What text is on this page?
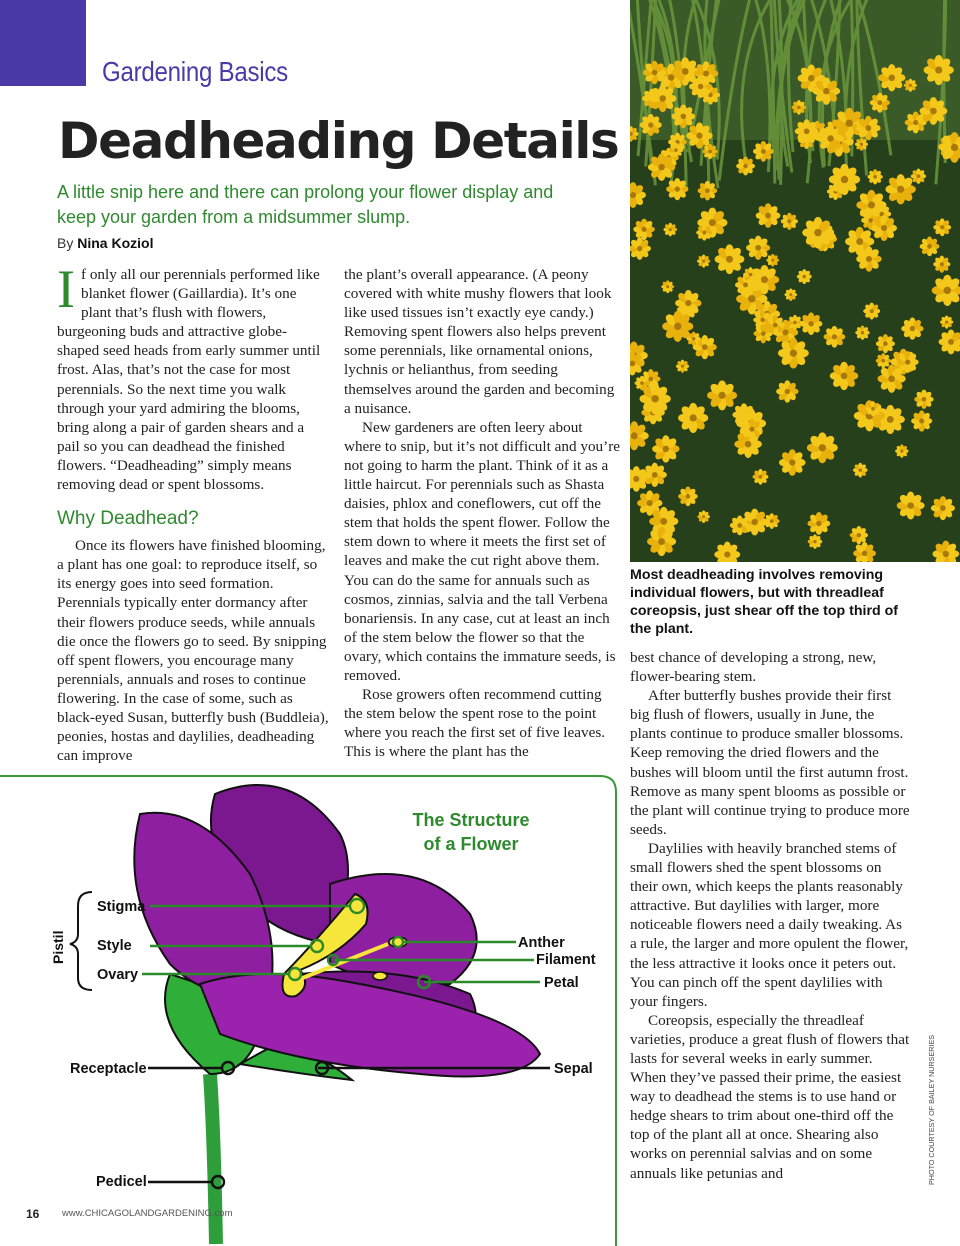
Gardening Basics
Deadheading Details
A little snip here and there can prolong your flower display and keep your garden from a midsummer slump.
By Nina Koziol

If only all our perennials performed like blanket flower (Gaillardia). It’s one plant that’s flush with flowers, burgeoning buds and attractive globe-shaped seed heads from early summer until frost. Alas, that’s not the case for most perennials. So the next time you walk through your yard admiring the blooms, bring along a pair of garden shears and a pail so you can deadhead the finished flowers. “Deadheading” simply means removing dead or spent blossoms.

Why Deadhead?

Once its flowers have finished blooming, a plant has one goal: to reproduce itself, so its energy goes into seed formation. Perennials typically enter dormancy after their flowers produce seeds, while annuals die once the flowers go to seed. By snipping off spent flowers, you encourage many perennials, annuals and roses to continue flowering. In the case of some, such as black-eyed Susan, butterfly bush (Buddleia), peonies, hostas and daylilies, deadheading can improve

the plant’s overall appearance. (A peony covered with white mushy flowers that look like used tissues isn’t exactly eye candy.) Removing spent flowers also helps prevent some perennials, like ornamental onions, lychnis or helianthus, from seeding themselves around the garden and becoming a nuisance.

New gardeners are often leery about where to snip, but it’s not difficult and you’re not going to harm the plant. Think of it as a little haircut. For perennials such as Shasta daisies, phlox and coneflowers, cut off the stem that holds the spent flower. Follow the stem down to where it meets the first set of leaves and make the cut right above them. You can do the same for annuals such as cosmos, zinnias, salvia and the tall Verbena bonariensis. In any case, cut at least an inch of the stem below the flower so that the ovary, which contains the immature seeds, is removed.

Rose growers often recommend cutting the stem below the spent rose to the point where you reach the first set of five leaves. This is where the plant has the

Most deadheading involves removing individual flowers, but with threadleaf coreopsis, just shear off the top third of the plant.
PHOTO COURTESY OF BAILEY NURSERIES

best chance of developing a strong, new, flower-bearing stem.

After butterfly bushes provide their first big flush of flowers, usually in June, the plants continue to produce smaller blossoms. Keep removing the dried flowers and the bushes will bloom until the first autumn frost. Remove as many spent blooms as possible or the plant will continue trying to produce more seeds.

Daylilies with heavily branched stems of small flowers shed the spent blossoms on their own, which keeps the plants reasonably attractive. But daylilies with larger, more noticeable flowers need a daily tweaking. As a rule, the larger and more opulent the flower, the less attractive it looks once it peters out. You can pinch off the spent daylilies with your fingers.

Coreopsis, especially the threadleaf varieties, produce a great flush of flowers that lasts for several weeks in early summer. When they’ve passed their prime, the easiest way to deadhead the stems is to use hand or hedge shears to trim about one-third off the top of the plant all at once. Shearing also works on perennial salvias and on some annuals like petunias and

The Structure
of a Flower
Pistil
Stigma
Style
Ovary
Anther
Filament
Petal
Receptacle	Sepal
Pedicel
16 www.CHICAGOLANDGARDENING.com
